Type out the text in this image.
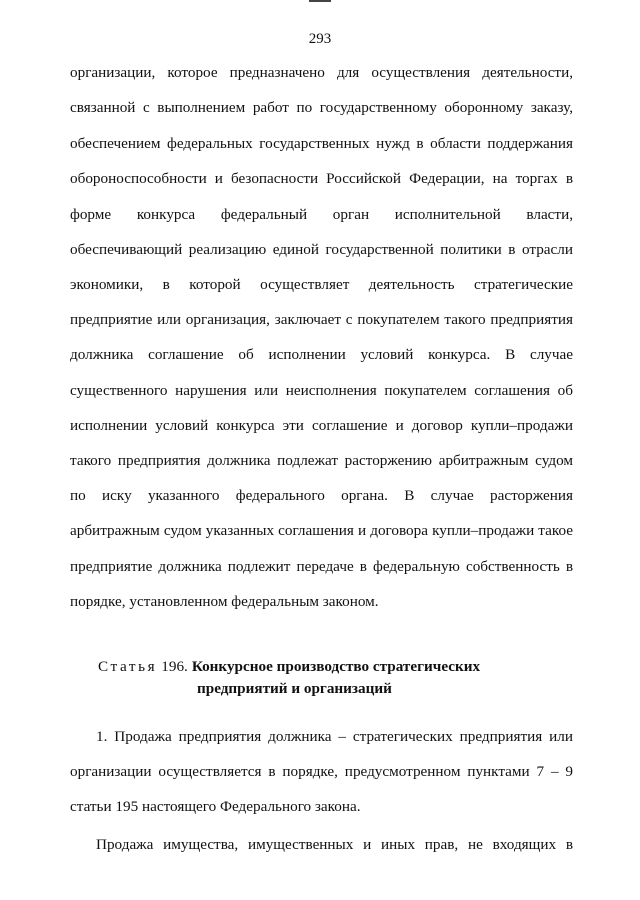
293
организации, которое предназначено для осуществления деятельности,
связанной с выполнением работ по государственному оборонному заказу,
обеспечением федеральных государственных нужд в области поддержания
обороноспособности и безопасности Российской Федерации, на торгах в
форме конкурса федеральный орган исполнительной власти,
обеспечивающий реализацию единой государственной политики в отрасли
экономики, в которой осуществляет деятельность стратегические
предприятие или организация, заключает с покупателем такого предприятия
должника соглашение об исполнении условий конкурса. В случае
существенного нарушения или неисполнения покупателем соглашения об
исполнении условий конкурса эти соглашение и договор купли–продажи
такого предприятия должника подлежат расторжению арбитражным судом
по иску указанного федерального органа. В случае расторжения
арбитражным судом указанных соглашения и договора купли–продажи такое
предприятие должника подлежит передаче в федеральную собственность в
порядке, установленном федеральным законом.
Статья 196. Конкурсное производство стратегических
предприятий и организаций
1. Продажа предприятия должника – стратегических предприятия или
организации осуществляется в порядке, предусмотренном пунктами 7 – 9
статьи 195 настоящего Федерального закона.
Продажа имущества, имущественных и иных прав, не входящих в
